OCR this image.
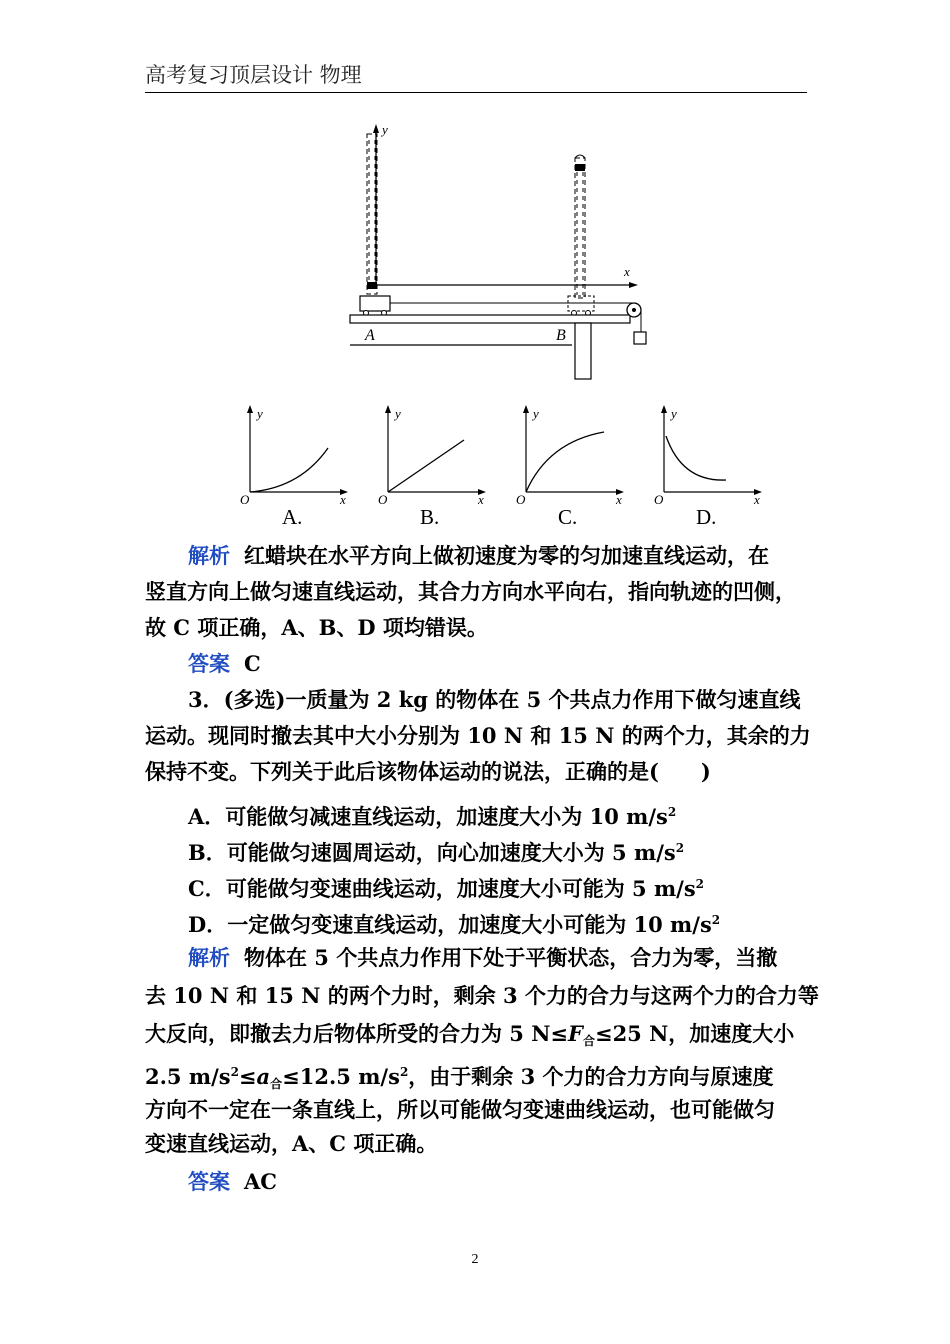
高考复习顶层设计 物理
y
x
A	B
y
O	x
A.
y
O	x
B.
y
O	x
C.
y
O	x
D.
解析 红蜡块在水平方向上做初速度为零的匀加速直线运动，在
竖直方向上做匀速直线运动，其合力方向水平向右，指向轨迹的凹侧，
故 C 项正确，A、B、D 项均错误。
答案 C
3．(多选)一质量为 2 kg 的物体在 5 个共点力作用下做匀速直线
运动。现同时撤去其中大小分别为 10 N 和 15 N 的两个力，其余的力
保持不变。下列关于此后该物体运动的说法，正确的是(　　)
A．可能做匀减速直线运动，加速度大小为 10 $m/s^2$
B．可能做匀速圆周运动，向心加速度大小为 5 $m/s^2$
C．可能做匀变速曲线运动，加速度大小可能为 5 $m/s^2$
D．一定做匀变速直线运动，加速度大小可能为 10 $m/s^2$
解析 物体在 5 个共点力作用下处于平衡状态，合力为零，当撤
去 10 N 和 15 N 的两个力时，剩余 3 个力的合力与这两个力的合力等
大反向，即撤去力后物体所受的合力为 5 $N\le F_合\le 25$ N，加速度大小
2.5 $m/s^2\le a_合\le 12.5$ $m/s^2$，由于剩余 3 个力的合力方向与原速度
方向不一定在一条直线上，所以可能做匀变速曲线运动，也可能做匀
变速直线运动，A、C 项正确。
答案 AC
2
